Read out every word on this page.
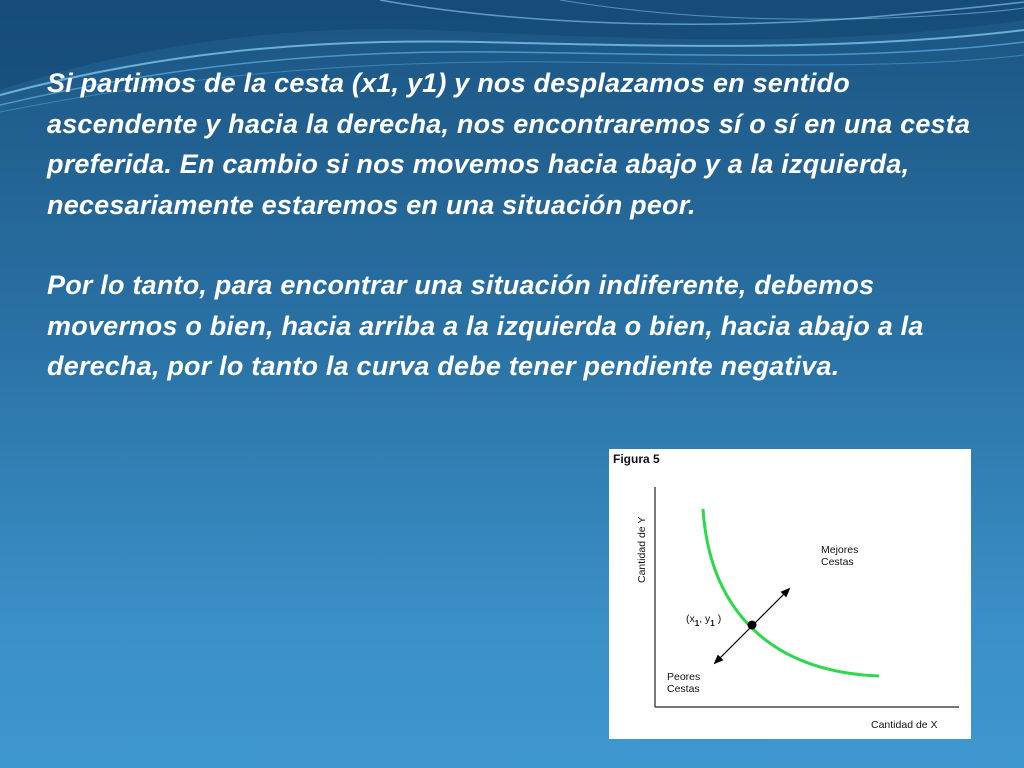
Si partimos de la cesta (x1, y1) y nos desplazamos en sentido ascendente y hacia la derecha, nos encontraremos sí o sí en una cesta preferida. En cambio si nos movemos hacia abajo y a la izquierda, necesariamente estaremos en una situación peor.

Por lo tanto, para encontrar una situación indiferente, debemos movernos o bien, hacia arriba a la izquierda o bien, hacia abajo a la derecha, por lo tanto la curva debe tener pendiente negativa.

Figura 5
Cantidad de Y
Cantidad de X
($x_1$, $y_1$ )
Mejores
Cestas
Peores
Cestas
